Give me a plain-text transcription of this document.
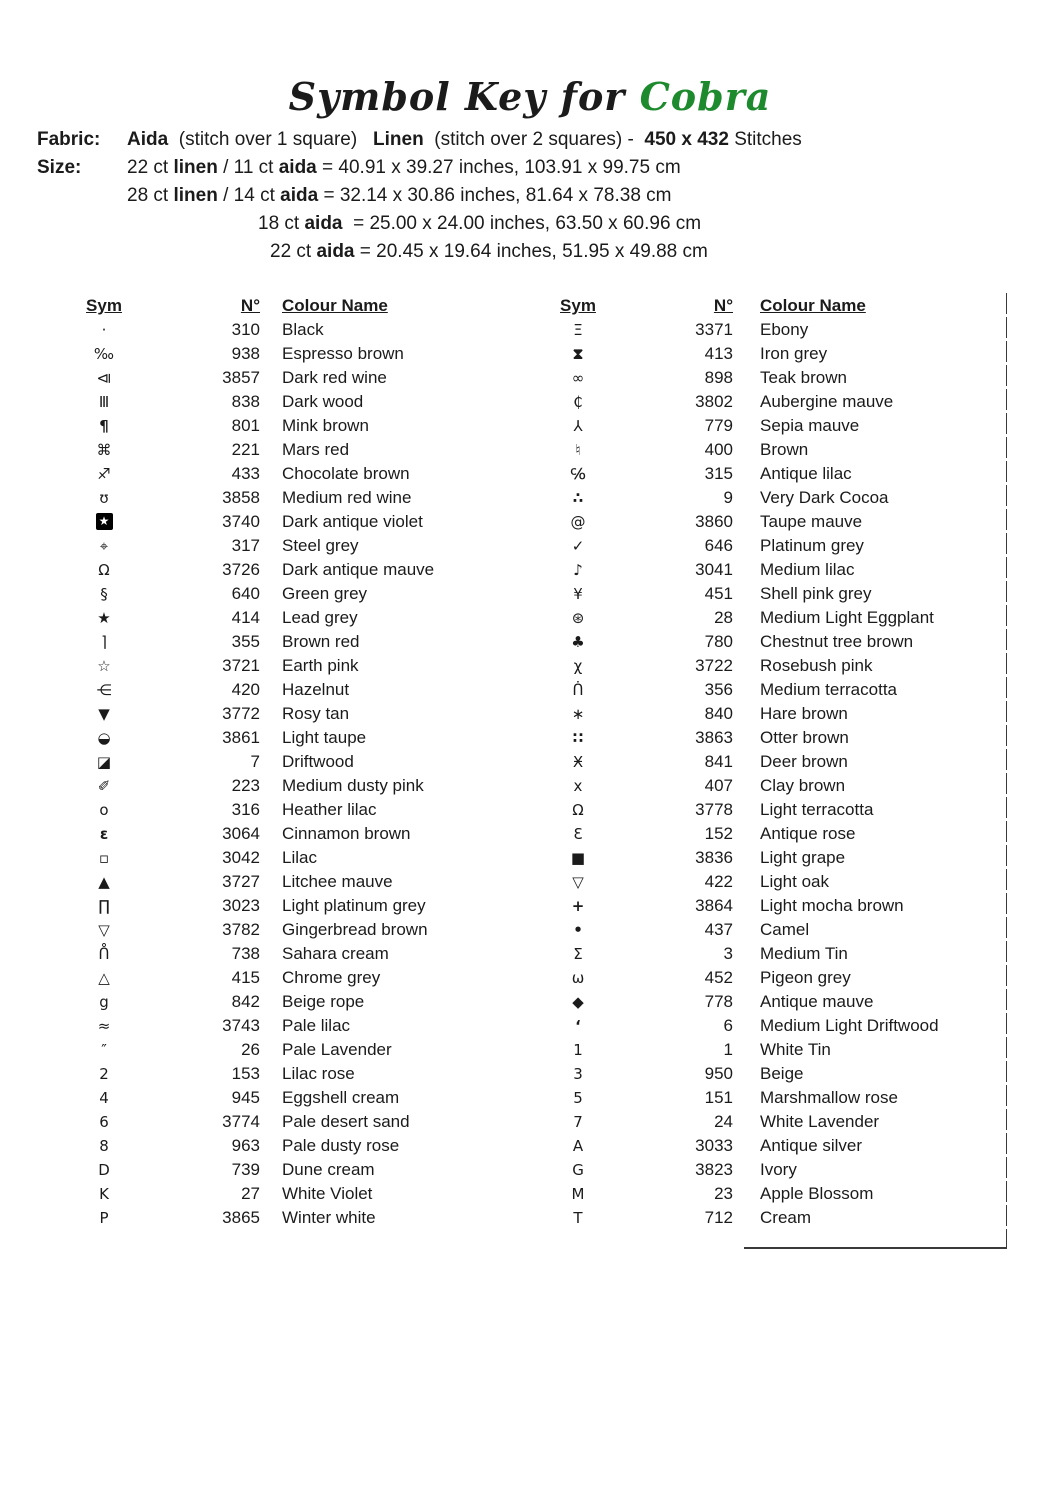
Symbol Key for Cobra
Fabric: Aida  (stitch over 1 square)   Linen  (stitch over 2 squares) -  450 x 432 Stitches
Size: 22 ct linen / 11 ct aida = 40.91 x 39.27 inches, 103.91 x 99.75 cm
28 ct linen / 14 ct aida = 32.14 x 30.86 inches, 81.64 x 78.38 cm
18 ct aida  = 25.00 x 24.00 inches, 63.50 x 60.96 cm
22 ct aida = 20.45 x 19.64 inches, 51.95 x 49.88 cm
Sym	N°	Colour Name
·	310	Black
‰	938	Espresso brown
⧏	3857	Dark red wine
Ⅲ	838	Dark wood
¶	801	Mink brown
⌘	221	Mars red
♐	433	Chocolate brown
ʊ	3858	Medium red wine
★	3740	Dark antique violet
⌖	317	Steel grey
Ω	3726	Dark antique mauve
§	640	Green grey
★	414	Lead grey
⌉	355	Brown red
☆	3721	Earth pink
⋲	420	Hazelnut
▼	3772	Rosy tan
◒	3861	Light taupe
◪	7	Driftwood
✐	223	Medium dusty pink
o	316	Heather lilac
ε	3064	Cinnamon brown
▫	3042	Lilac
▲	3727	Litchee mauve
∏	3023	Light platinum grey
▽	3782	Gingerbread brown
ᑍ	738	Sahara cream
△	415	Chrome grey
g	842	Beige rope
≈	3743	Pale lilac
″	26	Pale Lavender
2	153	Lilac rose
4	945	Eggshell cream
6	3774	Pale desert sand
8	963	Pale dusty rose
D	739	Dune cream
K	27	White Violet
P	3865	Winter white
Sym	N°	Colour Name
Ξ	3371	Ebony
⧗	413	Iron grey
∞	898	Teak brown
₵	3802	Aubergine mauve
⅄	779	Sepia mauve
♮	400	Brown
℅	315	Antique lilac
∴	9	Very Dark Cocoa
@	3860	Taupe mauve
✓	646	Platinum grey
♪	3041	Medium lilac
¥	451	Shell pink grey
⊛	28	Medium Light Eggplant
♣	780	Chestnut tree brown
χ	3722	Rosebush pink
ᑏ	356	Medium terracotta
∗	840	Hare brown
∷	3863	Otter brown
Ӿ	841	Deer brown
x	407	Clay brown
Ω	3778	Light terracotta
Ɛ	152	Antique rose
■	3836	Light grape
▽	422	Light oak
+	3864	Light mocha brown
•	437	Camel
Σ	3	Medium Tin
ω	452	Pigeon grey
◆	778	Antique mauve
‘	6	Medium Light Driftwood
1	1	White Tin
3	950	Beige
5	151	Marshmallow rose
7	24	White Lavender
A	3033	Antique silver
G	3823	Ivory
M	23	Apple Blossom
T	712	Cream
